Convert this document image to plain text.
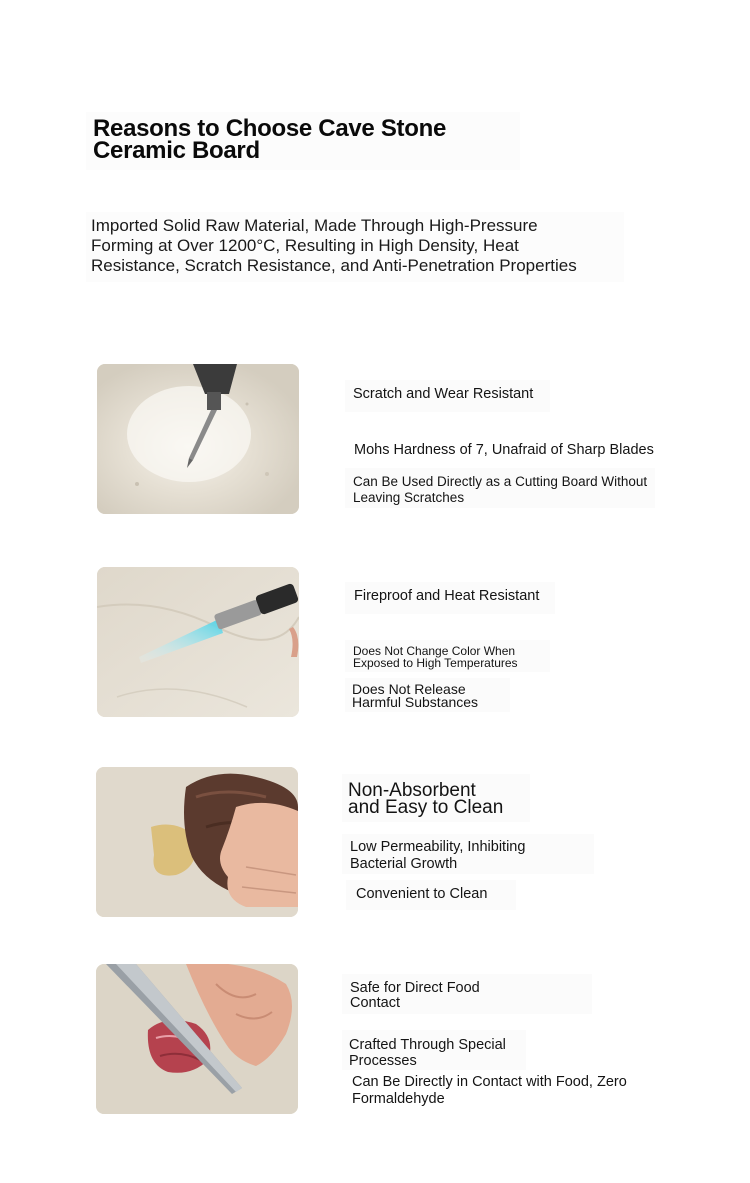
Reasons to Choose Cave Stone
Ceramic Board
Imported Solid Raw Material, Made Through High-Pressure
Forming at Over 1200°C, Resulting in High Density, Heat
Resistance, Scratch Resistance, and Anti-Penetration Properties
Scratch and Wear Resistant
Mohs Hardness of 7, Unafraid of Sharp Blades
Can Be Used Directly as a Cutting Board Without
Leaving Scratches
Fireproof and Heat Resistant
Does Not Change Color When
Exposed to High Temperatures
Does Not Release
Harmful Substances
Non-Absorbent
and Easy to Clean
Low Permeability, Inhibiting
Bacterial Growth
Convenient to Clean
Safe for Direct Food
Contact
Crafted Through Special
Processes
Can Be Directly in Contact with Food, Zero
Formaldehyde
